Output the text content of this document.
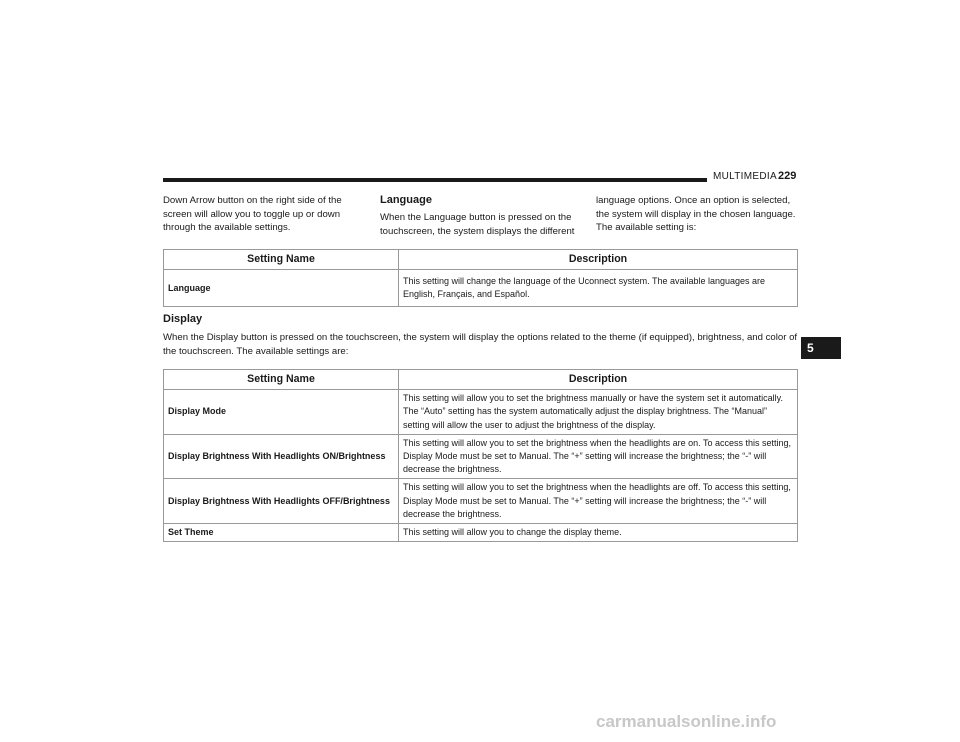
MULTIMEDIA 229
Down Arrow button on the right side of the screen will allow you to toggle up or down through the available settings.
Language
When the Language button is pressed on the touchscreen, the system displays the different
language options. Once an option is selected, the system will display in the chosen language. The available setting is:
Setting Name	Description
Language	This setting will change the language of the Uconnect system. The available languages are English, Français, and Español.
Display
When the Display button is pressed on the touchscreen, the system will display the options related to the theme (if equipped), brightness, and color of the touchscreen. The available settings are:
Setting Name	Description
Display Mode	This setting will allow you to set the brightness manually or have the system set it automatically. The “Auto” setting has the system automatically adjust the display brightness. The “Manual” setting will allow the user to adjust the brightness of the display.
Display Brightness With Headlights ON/Brightness	This setting will allow you to set the brightness when the headlights are on. To access this setting, Display Mode must be set to Manual. The “+” setting will increase the brightness; the “-” will decrease the brightness.
Display Brightness With Headlights OFF/Brightness	This setting will allow you to set the brightness when the headlights are off. To access this setting, Display Mode must be set to Manual. The “+” setting will increase the brightness; the “-” will decrease the brightness.
Set Theme	This setting will allow you to change the display theme.
5
carmanualsonline.info
